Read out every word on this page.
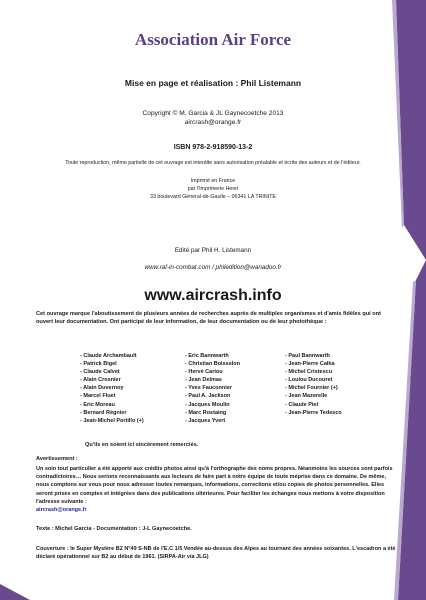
Association Air Force
Mise en page et réalisation : Phil Listemann
Copyright © M. Garcia & JL Gaynecoetche 2013
aircrash@orange.fr
ISBN 978-2-918590-13-2
Toute reproduction, même partielle de cet ouvrage est interdite sans autorisation préalable et écrite des auteurs et de l'éditeur.
Imprimé en France
par l'Imprimerie Henri
33 boulevard Général-de-Gaulle – 06341 LA TRINITE
Edité par Phil H. Listemann
www.raf-in-combat.com / philedition@wanadoo.fr
www.aircrash.info
Cet ouvrage marque l'aboutissement de plusieurs années de recherches auprès de multiples organismes et d'amis fidèles qui ont ouvert leur documentation. Ont participé de leur information, de leur documentation ou de leur photothèque :
- Claude Archambault
- Patrick Bigel
- Claude Calvet
- Alain Crosnier
- Alain Duvernoy
- Marcel Fluet
- Eric Moreau
- Bernard Régnier
- Jean-Michel Portillo (+)
- Eric Bannwarth
- Christian Boisselon
- Hervé Cariou
- Jean Delmas
- Yves Fauconnier
- Paul A. Jackson
- Jacques Moulin
- Marc Rostaing
- Jacques Yvert
- Paul Bannwarth
- Jean-Pierre Calka
- Michel Cristescu
- Loulou Ducouret
- Michel Fournier (+)
- Jean Mazerelle
- Claude Piet
- Jean-Pierre Tedesco
Qu'ils en soient ici sincèrement remerciés.
Avertissement :
Un soin tout particulier a été apporté aux crédits photos ainsi qu'à l'orthographe des noms propres. Néanmoins les sources sont parfois contradictoires… Nous serions reconnaissants aux lecteurs de faire part à notre équipe de toute méprise dans ce domaine. De même, nous comptons sur vous pour nous adresser toutes remarques, informations, corrections et/ou copies de photos personnelles. Elles seront prises en comptes et intégrées dans des publications ultérieures. Pour faciliter les échanges nous mettons à votre disposition l'adresse suivante :
aircrash@orange.fr
Texte : Michel Garcia - Documentation : J-L Gaynecoetche.
Couverture : le Super Mystère B2 N°49 S-NB de l'E.C 1/5 Vendée au-dessus des Alpes au tournant des années soixantes. L'escadron a été déclaré opérationnel sur B2 au début de 1961. (SIRPA-Air via JLG)
